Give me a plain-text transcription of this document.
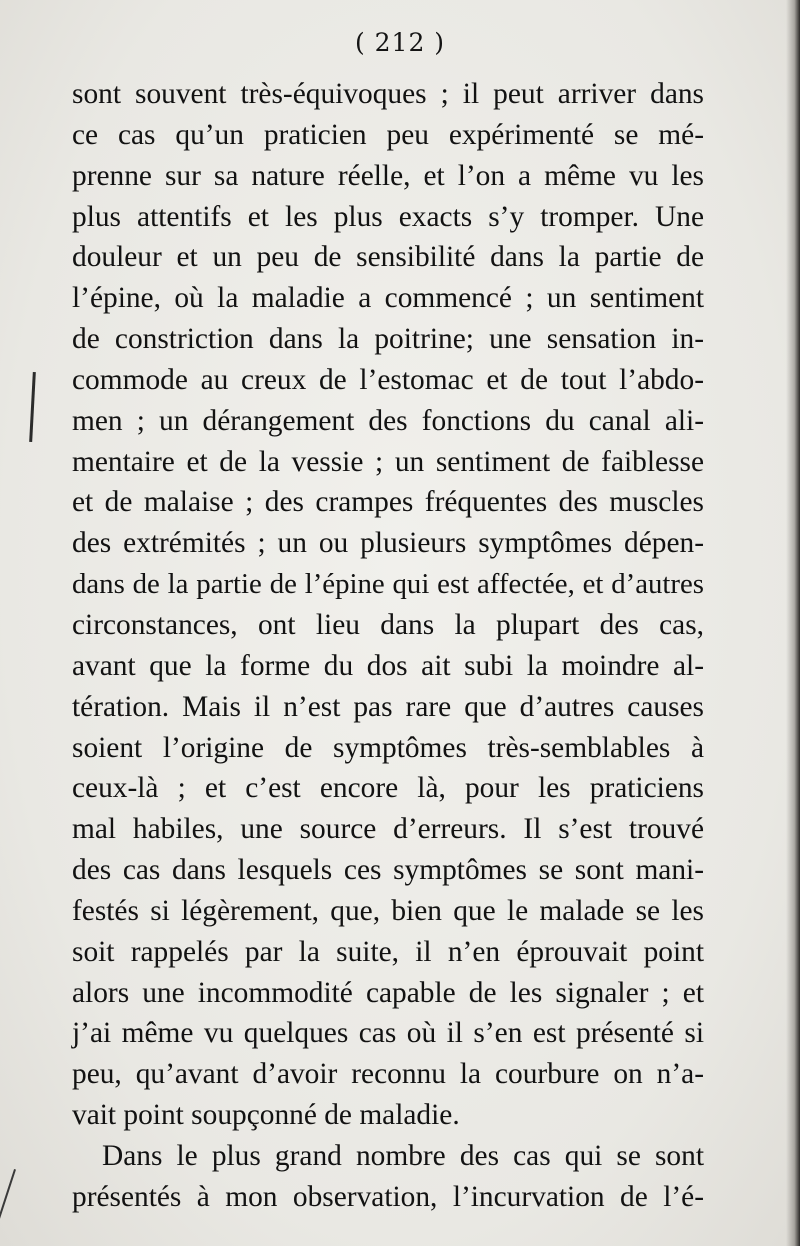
( 212 )
sont souvent très-équivoques ; il peut arriver dans
ce cas qu’un praticien peu expérimenté se mé-
prenne sur sa nature réelle, et l’on a même vu les
plus attentifs et les plus exacts s’y tromper. Une
douleur et un peu de sensibilité dans la partie de
l’épine, où la maladie a commencé ; un sentiment
de constriction dans la poitrine; une sensation in-
commode au creux de l’estomac et de tout l’abdo-
men ; un dérangement des fonctions du canal ali-
mentaire et de la vessie ; un sentiment de faiblesse
et de malaise ; des crampes fréquentes des muscles
des extrémités ; un ou plusieurs symptômes dépen-
dans de la partie de l’épine qui est affectée, et d’autres
circonstances, ont lieu dans la plupart des cas,
avant que la forme du dos ait subi la moindre al-
tération. Mais il n’est pas rare que d’autres causes
soient l’origine de symptômes très-semblables à
ceux-là ; et c’est encore là, pour les praticiens
mal habiles, une source d’erreurs. Il s’est trouvé
des cas dans lesquels ces symptômes se sont mani-
festés si légèrement, que, bien que le malade se les
soit rappelés par la suite, il n’en éprouvait point
alors une incommodité capable de les signaler ; et
j’ai même vu quelques cas où il s’en est présenté si
peu, qu’avant d’avoir reconnu la courbure on n’a-
vait point soupçonné de maladie.
Dans le plus grand nombre des cas qui se sont
présentés à mon observation, l’incurvation de l’é-
